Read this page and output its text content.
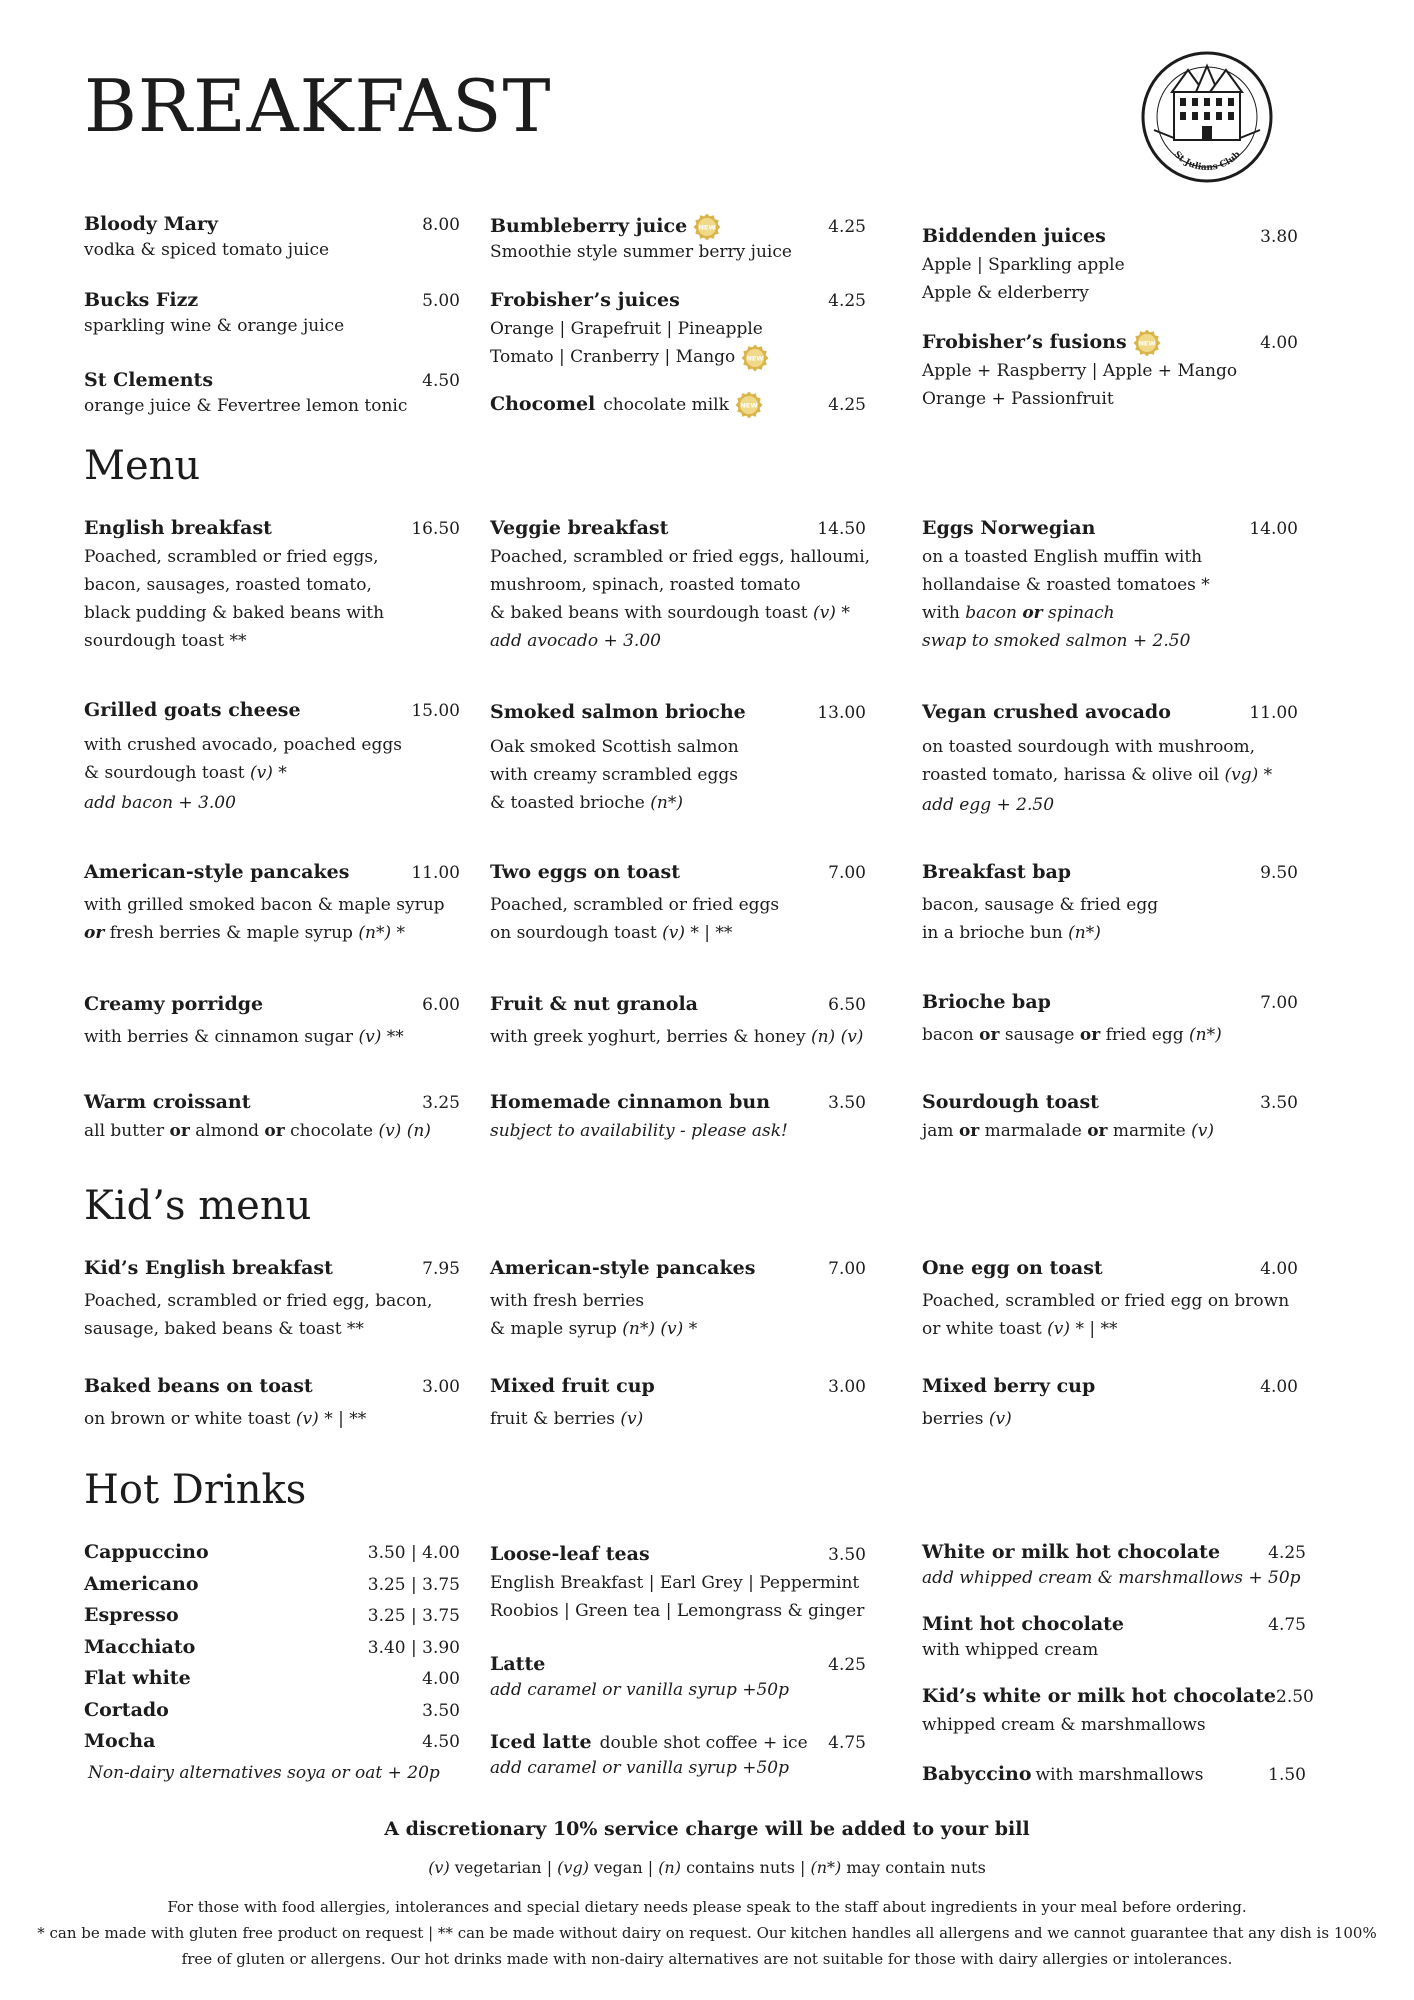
BREAKFAST
St Julians Club
Bloody Mary	8.00
vodka & spiced tomato juice
Bucks Fizz	5.00
sparkling wine & orange juice
St Clements	4.50
orange juice & Fevertree lemon tonic
Bumbleberry juice NEW	4.25
Smoothie style summer berry juice
Frobisher’s juices	4.25
Orange | Grapefruit | Pineapple
Tomato | Cranberry | Mango NEW
Chocomel chocolate milk NEW	4.25
Biddenden juices	3.80
Apple | Sparkling apple
Apple & elderberry
Frobisher’s fusions NEW	4.00
Apple + Raspberry | Apple + Mango
Orange + Passionfruit
Menu
English breakfast	16.50
Poached, scrambled or fried eggs,
bacon, sausages, roasted tomato,
black pudding & baked beans with
sourdough toast **
Veggie breakfast	14.50
Poached, scrambled or fried eggs, halloumi,
mushroom, spinach, roasted tomato
& baked beans with sourdough toast (v) *
add avocado + 3.00
Eggs Norwegian	14.00
on a toasted English muffin with
hollandaise & roasted tomatoes *
with bacon or spinach
swap to smoked salmon + 2.50
Grilled goats cheese	15.00
with crushed avocado, poached eggs
& sourdough toast (v) *
add bacon + 3.00
Smoked salmon brioche	13.00
Oak smoked Scottish salmon
with creamy scrambled eggs
& toasted brioche (n*)
Vegan crushed avocado	11.00
on toasted sourdough with mushroom,
roasted tomato, harissa & olive oil (vg) *
add egg + 2.50
American-style pancakes	11.00
with grilled smoked bacon & maple syrup
or fresh berries & maple syrup (n*) *
Two eggs on toast	7.00
Poached, scrambled or fried eggs
on sourdough toast (v) * | **
Breakfast bap	9.50
bacon, sausage & fried egg
in a brioche bun (n*)
Creamy porridge	6.00
with berries & cinnamon sugar (v) **
Fruit & nut granola	6.50
with greek yoghurt, berries & honey (n) (v)
Brioche bap	7.00
bacon or sausage or fried egg (n*)
Warm croissant	3.25
all butter or almond or chocolate (v) (n)
Homemade cinnamon bun	3.50
subject to availability - please ask!
Sourdough toast	3.50
jam or marmalade or marmite (v)
Kid’s menu
Kid’s English breakfast	7.95
Poached, scrambled or fried egg, bacon,
sausage, baked beans & toast **
American-style pancakes	7.00
with fresh berries
& maple syrup (n*) (v) *
One egg on toast	4.00
Poached, scrambled or fried egg on brown
or white toast (v) * | **
Baked beans on toast	3.00
on brown or white toast (v) * | **
Mixed fruit cup	3.00
fruit & berries (v)
Mixed berry cup	4.00
berries (v)
Hot Drinks
Cappuccino	3.50 | 4.00
Americano	3.25 | 3.75
Espresso	3.25 | 3.75
Macchiato	3.40 | 3.90
Flat white	4.00
Cortado	3.50
Mocha	4.50
Non-dairy alternatives soya or oat + 20p
Loose-leaf teas	3.50
English Breakfast | Earl Grey | Peppermint
Roobios | Green tea | Lemongrass & ginger
Latte	4.25
add caramel or vanilla syrup +50p
Iced latte double shot coffee + ice 4.75
add caramel or vanilla syrup +50p
White or milk hot chocolate	4.25
add whipped cream & marshmallows + 50p
Mint hot chocolate	4.75
with whipped cream
Kid’s white or milk hot chocolate 2.50
whipped cream & marshmallows
Babyccino with marshmallows	1.50
A discretionary 10% service charge will be added to your bill
(v) vegetarian | (vg) vegan | (n) contains nuts | (n*) may contain nuts
For those with food allergies, intolerances and special dietary needs please speak to the staff about ingredients in your meal before ordering.
* can be made with gluten free product on request | ** can be made without dairy on request. Our kitchen handles all allergens and we cannot guarantee that any dish is 100%
free of gluten or allergens. Our hot drinks made with non-dairy alternatives are not suitable for those with dairy allergies or intolerances.
